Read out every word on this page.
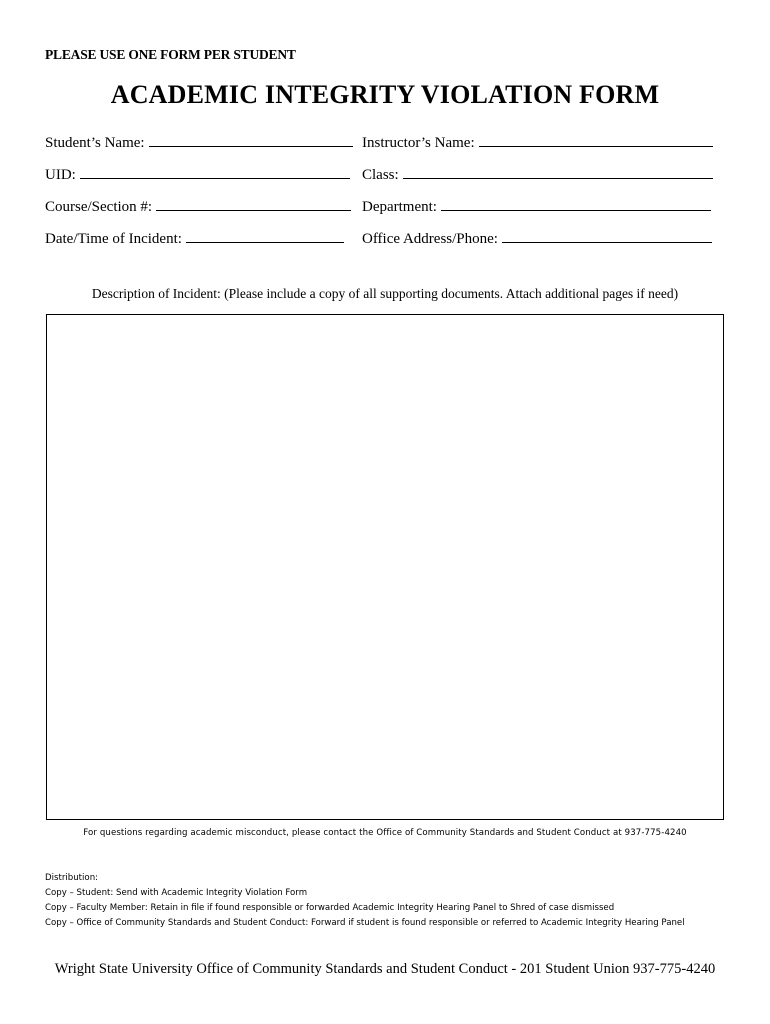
PLEASE USE ONE FORM PER STUDENT
ACADEMIC INTEGRITY VIOLATION FORM
Student’s Name:	Instructor’s Name:
UID:	Class:
Course/Section #:	Department:
Date/Time of Incident:	Office Address/Phone:
Description of Incident: (Please include a copy of all supporting documents. Attach additional pages if need)
For questions regarding academic misconduct, please contact the Office of Community Standards and Student Conduct at 937-775-4240
Distribution:
Copy – Student: Send with Academic Integrity Violation Form
Copy – Faculty Member: Retain in file if found responsible or forwarded Academic Integrity Hearing Panel to Shred of case dismissed
Copy – Office of Community Standards and Student Conduct: Forward if student is found responsible or referred to Academic Integrity Hearing Panel
Wright State University Office of Community Standards and Student Conduct - 201 Student Union 937-775-4240
